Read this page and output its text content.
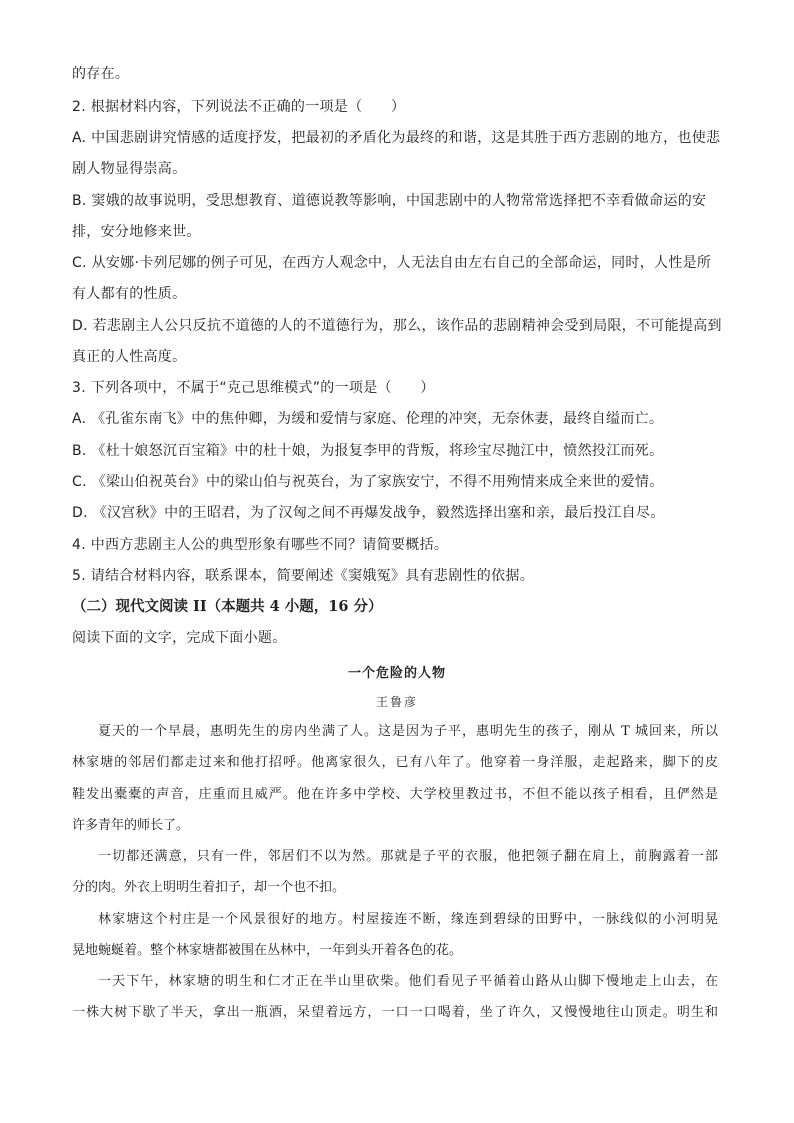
的存在。
2. 根据材料内容，下列说法不正确的一项是（　　）
A. 中国悲剧讲究情感的适度抒发，把最初的矛盾化为最终的和谐，这是其胜于西方悲剧的地方，也使悲
剧人物显得崇高。
B. 窦娥的故事说明，受思想教育、道德说教等影响，中国悲剧中的人物常常选择把不幸看做命运的安
排，安分地修来世。
C. 从安娜·卡列尼娜的例子可见，在西方人观念中，人无法自由左右自己的全部命运，同时，人性是所
有人都有的性质。
D. 若悲剧主人公只反抗不道德的人的不道德行为，那么，该作品的悲剧精神会受到局限，不可能提高到
真正的人性高度。
3. 下列各项中，不属于“克己思维模式”的一项是（　　）
A. 《孔雀东南飞》中的焦仲卿，为缓和爱情与家庭、伦理的冲突，无奈休妻，最终自缢而亡。
B. 《杜十娘怒沉百宝箱》中的杜十娘，为报复李甲的背叛，将珍宝尽抛江中，愤然投江而死。
C. 《梁山伯祝英台》中的梁山伯与祝英台，为了家族安宁，不得不用殉情来成全来世的爱情。
D. 《汉宫秋》中的王昭君，为了汉匈之间不再爆发战争，毅然选择出塞和亲，最后投江自尽。
4. 中西方悲剧主人公的典型形象有哪些不同？请简要概括。
5. 请结合材料内容，联系课本，简要阐述《窦娥冤》具有悲剧性的依据。
（二）现代文阅读 II（本题共 4 小题，16 分）
阅读下面的文字，完成下面小题。
一个危险的人物
王鲁彦
夏天的一个早晨，惠明先生的房内坐满了人。这是因为子平，惠明先生的孩子，刚从 T 城回来，所以
林家塘的邻居们都走过来和他打招呼。他离家很久，已有八年了。他穿着一身洋服，走起路来，脚下的皮
鞋发出橐橐的声音，庄重而且威严。他在许多中学校、大学校里教过书，不但不能以孩子相看，且俨然是
许多青年的师长了。
一切都还满意，只有一件，邻居们不以为然。那就是子平的衣服，他把领子翻在肩上，前胸露着一部
分的肉。外衣上明明生着扣子，却一个也不扣。
林家塘这个村庄是一个风景很好的地方。村屋接连不断，缘连到碧绿的田野中，一脉线似的小河明晃
晃地蜿蜒着。整个林家塘都被围在丛林中，一年到头开着各色的花。
一天下午，林家塘的明生和仁才正在半山里砍柴。他们看见子平循着山路从山脚下慢地走上山去，在
一株大树下歇了半天，拿出一瓶酒，呆望着远方，一口一口喝着，坐了许久，又慢慢地往山顶走。明生和
